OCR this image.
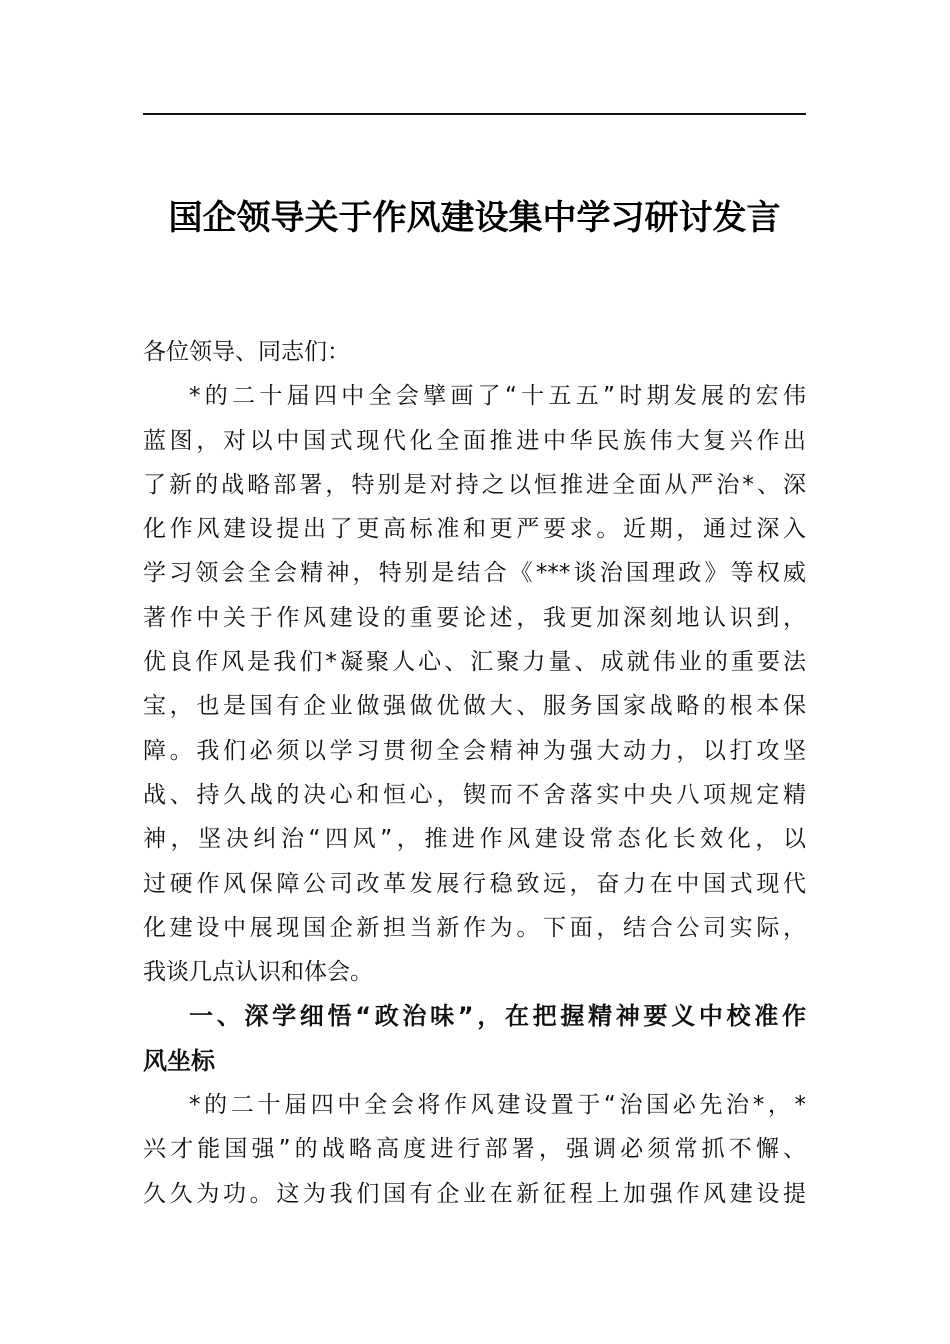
国企领导关于作风建设集中学习研讨发言
各位领导、同志们：
*的二十届四中全会擘画了“十五五”时期发展的宏伟
蓝图，对以中国式现代化全面推进中华民族伟大复兴作出
了新的战略部署，特别是对持之以恒推进全面从严治*、深
化作风建设提出了更高标准和更严要求。近期，通过深入
学习领会全会精神，特别是结合《***谈治国理政》等权威
著作中关于作风建设的重要论述，我更加深刻地认识到，
优良作风是我们*凝聚人心、汇聚力量、成就伟业的重要法
宝，也是国有企业做强做优做大、服务国家战略的根本保
障。我们必须以学习贯彻全会精神为强大动力，以打攻坚
战、持久战的决心和恒心，锲而不舍落实中央八项规定精
神，坚决纠治“四风”，推进作风建设常态化长效化，以
过硬作风保障公司改革发展行稳致远，奋力在中国式现代
化建设中展现国企新担当新作为。下面，结合公司实际，
我谈几点认识和体会。
一、深学细悟“政治味”，在把握精神要义中校准作
风坐标
*的二十届四中全会将作风建设置于“治国必先治*，*
兴才能国强”的战略高度进行部署，强调必须常抓不懈、
久久为功。这为我们国有企业在新征程上加强作风建设提
